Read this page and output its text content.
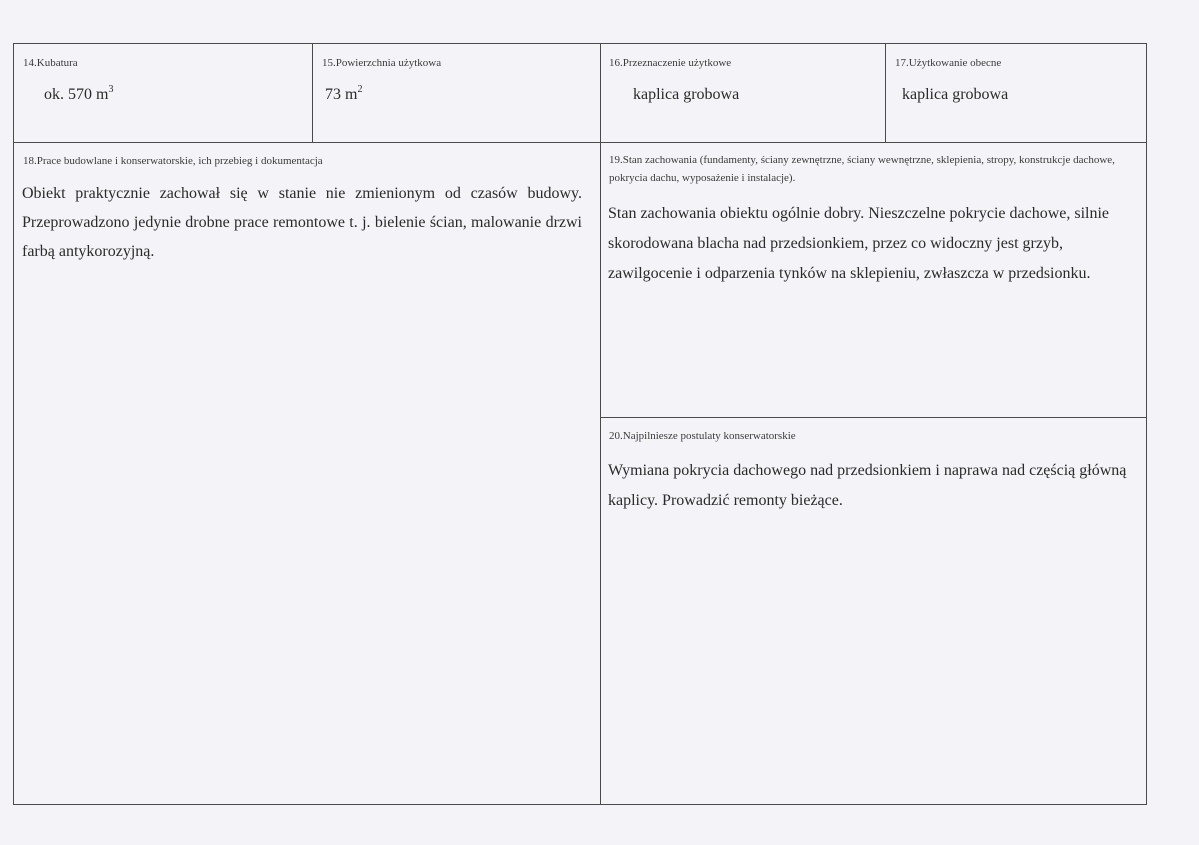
14.Kubatura
ok. 570 $m^3$
15.Powierzchnia użytkowa
73 $m^2$
16.Przeznaczenie użytkowe
kaplica grobowa
17.Użytkowanie obecne
kaplica grobowa
18.Prace budowlane i konserwatorskie, ich przebieg i dokumentacja
Obiekt praktycznie zachował się w stanie nie zmienionym od czasów budowy. Przeprowadzono jedynie drobne prace remontowe t. j. bielenie ścian, malowanie drzwi farbą antykorozyjną.
19.Stan zachowania (fundamenty, ściany zewnętrzne, ściany wewnętrzne, sklepienia, stropy, konstrukcje dachowe, pokrycia dachu, wyposażenie i instalacje).
Stan zachowania obiektu ogólnie dobry. Nieszczelne pokrycie dachowe, silnie skorodowana blacha nad przedsionkiem, przez co widoczny jest grzyb, zawilgocenie i odparzenia tynków na sklepieniu, zwłaszcza w przedsionku.
20.Najpilniesze postulaty konserwatorskie
Wymiana pokrycia dachowego nad przedsionkiem i naprawa nad częścią główną kaplicy. Prowadzić remonty bieżące.
